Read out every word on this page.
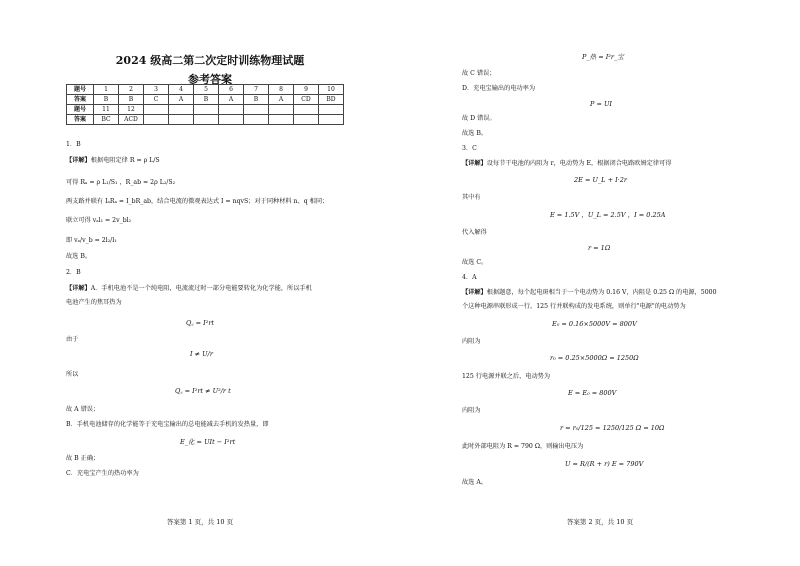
2024 级高二第二次定时训练物理试题
参考答案
题号	1	2	3	4	5	6	7	8	9	10
答案	B	B	C	A	B	A	B	A	CD	BD
题号	11	12								
答案	BC	ACD								
1．B
【详解】根据电阻定律 R = ρ L/S
可得 Rₐ = ρ L₁/S₁ ，R_ab = 2ρ L₂/S₂
两支路并联有 IₐRₐ = I_bR_ab，结合电流的微观表达式 I = nqvS；对于同种材料 n、q 相同；
联立可得 vₐl₁ = 2v_bl₂
即 vₐ/v_b = 2l₂/l₁
故选 B。
2．B
【详解】A．手机电池不是一个纯电阻，电流流过时一部分电能要转化为化学能，所以手机
电池产生的焦耳热为
Q꜀ = I²rt
由于
I ≠ U/r
所以
Q꜀ = I²rt ≠ U²/r t
故 A 错误；
B．手机电池储存的化学能等于充电宝输出的总电能减去手机的发热量，即
E_化 = UIt − I²rt
故 B 正确；
C．充电宝产生的热功率为
答案第 1 页，共 10 页
P_热 = I²r_宝
故 C 错误；
D．充电宝输出的电功率为
P = UI
故 D 错误。
故选 B。
3．C
【详解】设每节干电池的内阻为 r，电动势为 E，根据闭合电路欧姆定律可得
2E = U_L + I·2r
其中有
E = 1.5V ，U_L = 2.5V ，I = 0.25A
代入解得
r = 1Ω
故选 C。
4．A
【详解】根据题意，每个起电斑相当于一个电动势为 0.16 V，内阻是 0.25 Ω 的电源，5000
个这种电源串联形成一行，125 行并联构成的发电系统，则单行"电源"的电动势为
E₀ = 0.16×5000V = 800V
内阻为
r₀ = 0.25×5000Ω = 1250Ω
125 行电源并联之后，电动势为
E = E₀ = 800V
内阻为
r = r₀/125 = 1250/125 Ω = 10Ω
此时外部电阻为 R = 790 Ω，则输出电压为
U = R/(R + r) E = 790V
故选 A。
答案第 2 页，共 10 页
